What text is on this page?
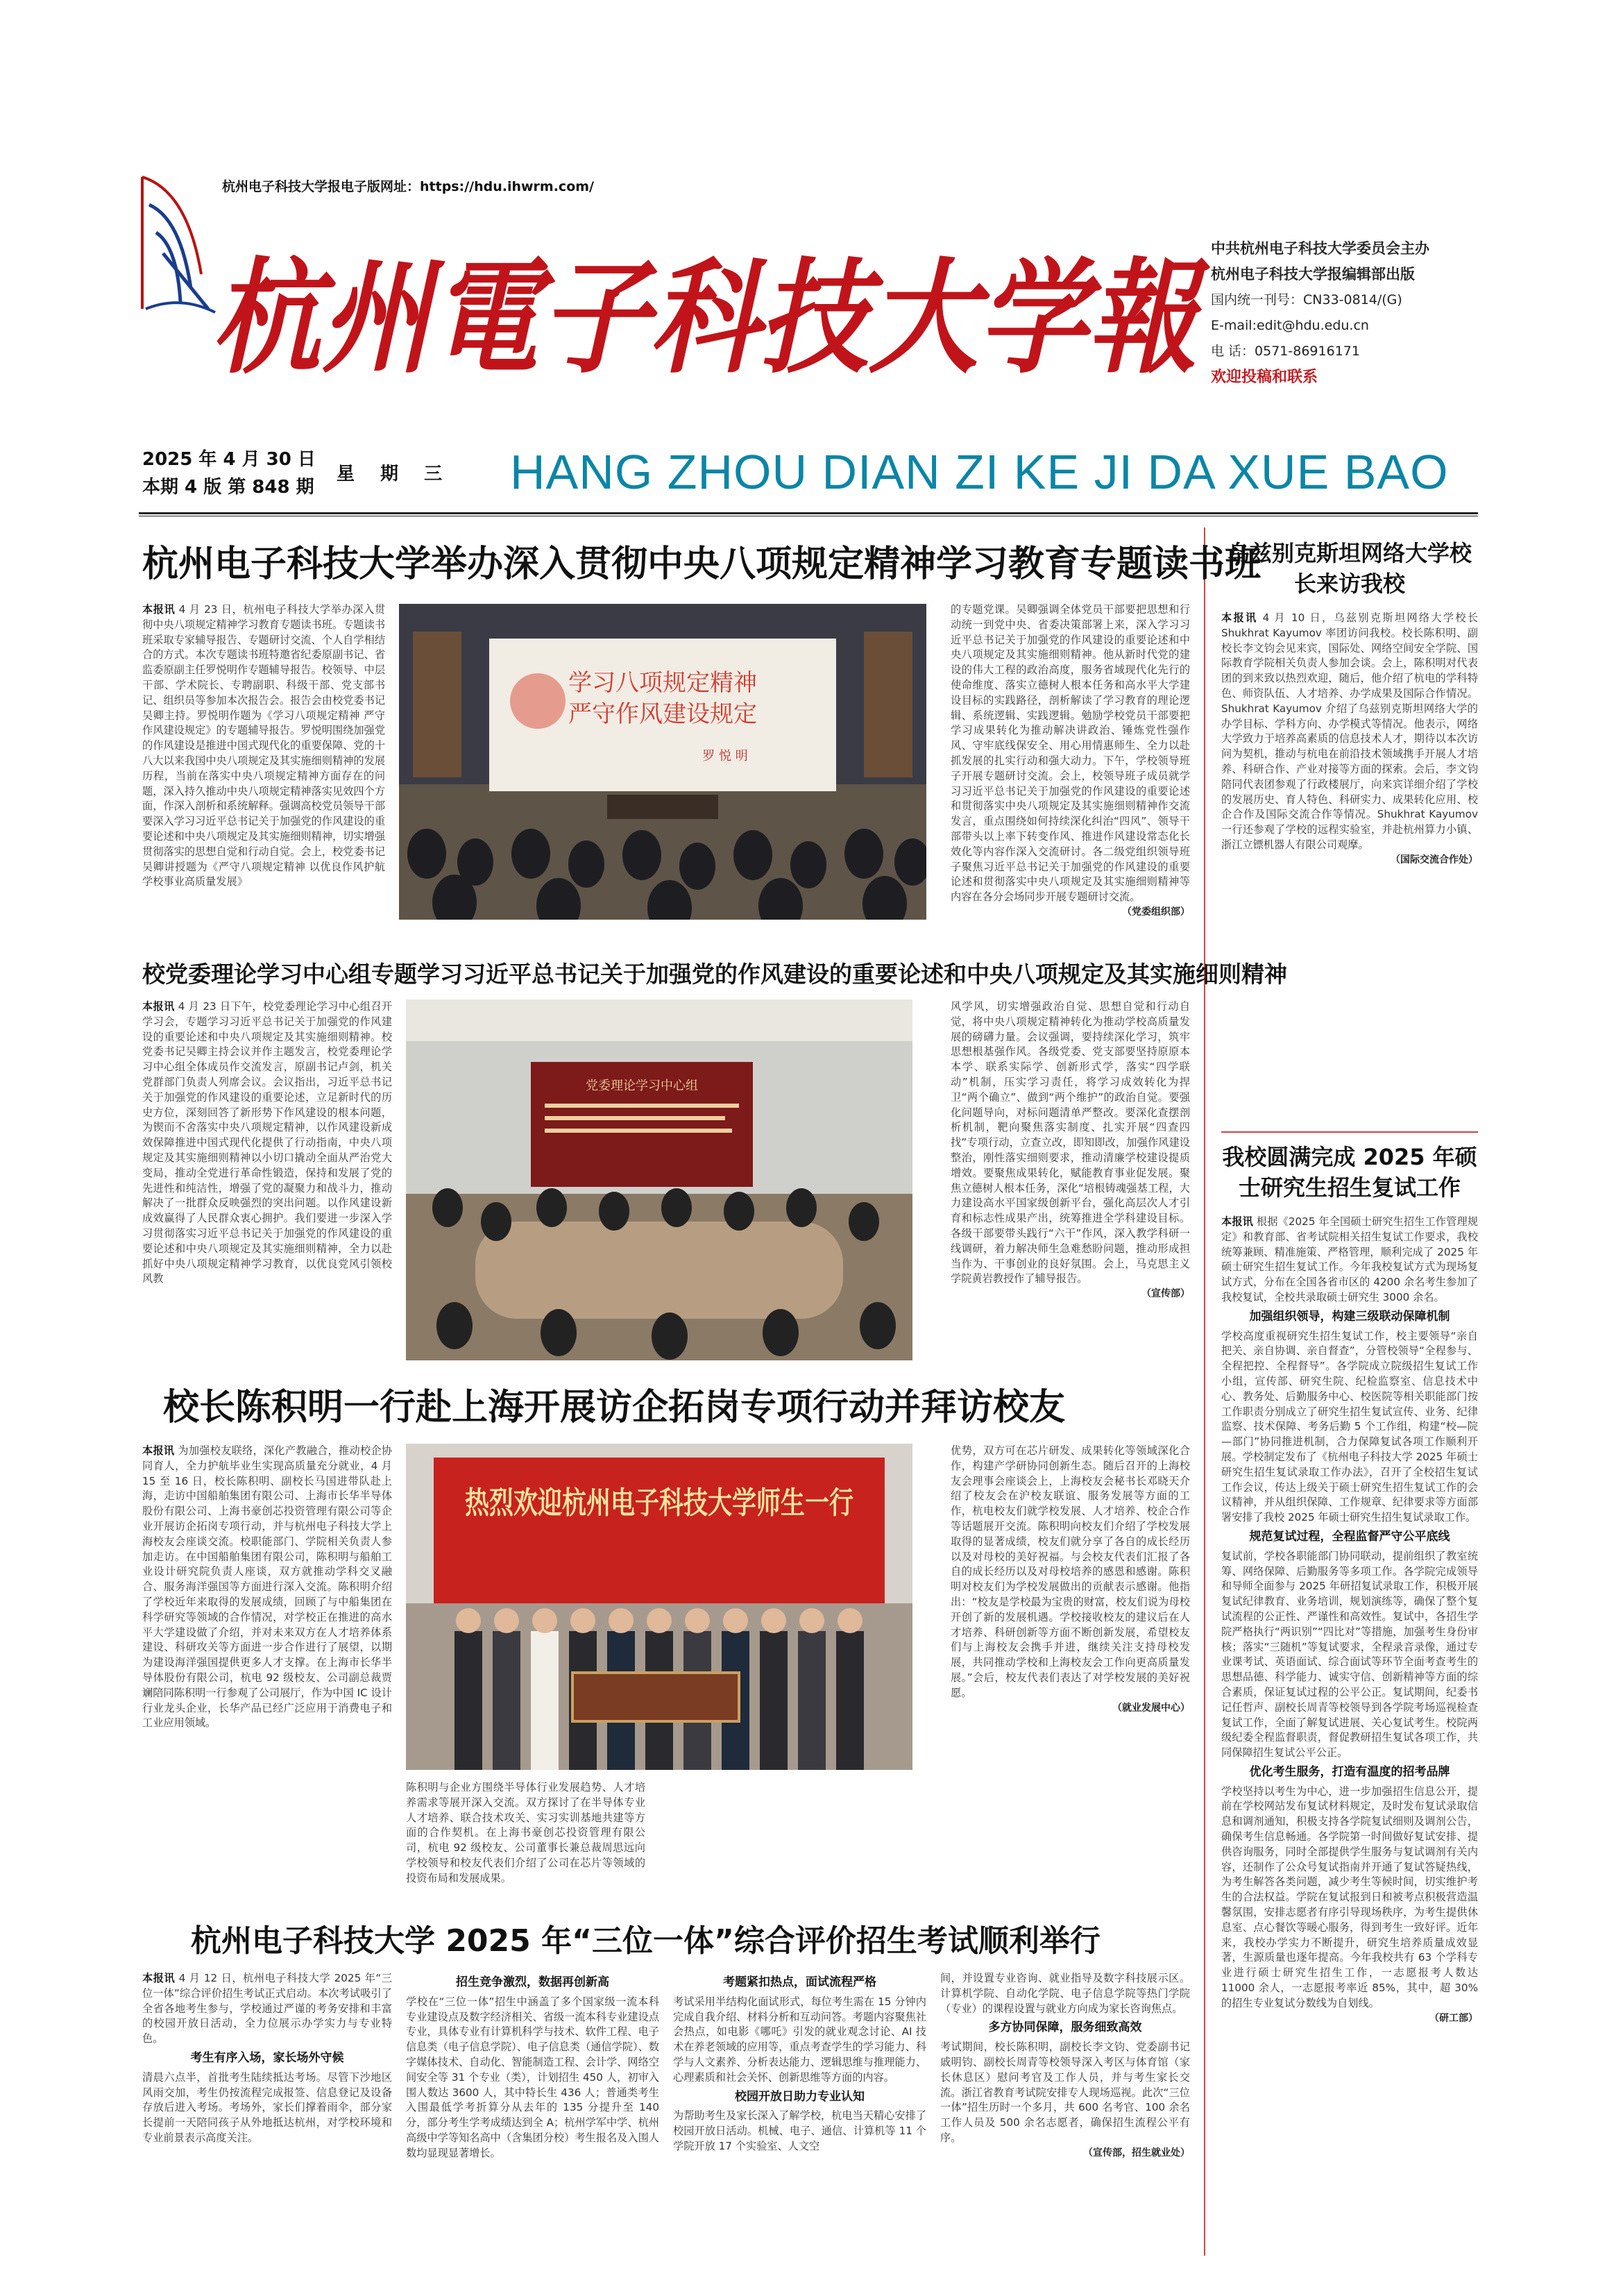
杭州电子科技大学报电子版网址：https://hdu.ihwrm.com/
杭州電子科技大学報 中共杭州电子科技大学委员会主办
杭州电子科技大学报编辑部出版
国内统一刊号：CN33-0814/(G)
E-mail:edit@hdu.edu.cn
电 话：0571-86916171
欢迎投稿和联系
2025 年 4 月 30 日
本期 4 版 第 848 期
星 期 三 HANG ZHOU DIAN ZI KE JI DA XUE BAO
杭州电子科技大学举办深入贯彻中央八项规定精神学习教育专题读书班
本报讯 4 月 23 日，杭州电子科技大学举办深入贯彻中央八项规定精神学习教育专题读书班。专题读书班采取专家辅导报告、专题研讨交流、个人自学相结合的方式。本次专题读书班特邀省纪委原副书记、省监委原副主任罗悦明作专题辅导报告。校领导、中层干部、学术院长、专聘副职、科级干部、党支部书记、组织员等参加本次报告会。报告会由校党委书记吴卿主持。罗悦明作题为《学习八项规定精神 严守作风建设规定》的专题辅导报告。罗悦明围绕加强党的作风建设是推进中国式现代化的重要保障、党的十八大以来我国中央八项规定及其实施细则精神的发展历程，当前在落实中央八项规定精神方面存在的问题，深入持久推动中央八项规定精神落实见效四个方面，作深入剖析和系统解释。强调高校党员领导干部要深入学习习近平总书记关于加强党的作风建设的重要论述和中央八项规定及其实施细则精神，切实增强贯彻落实的思想自觉和行动自觉。会上，校党委书记吴卿讲授题为《严守八项规定精神 以优良作风护航学校事业高质量发展》
学习八项规定精神
严守作风建设规定
罗 悦 明
的专题党课。吴卿强调全体党员干部要把思想和行动统一到党中央、省委决策部署上来，深入学习习近平总书记关于加强党的作风建设的重要论述和中央八项规定及其实施细则精神。他从新时代党的建设的伟大工程的政治高度，服务省域现代化先行的使命维度、落实立德树人根本任务和高水平大学建设目标的实践路径，剖析解读了学习教育的理论逻辑、系统逻辑、实践逻辑。勉励学校党员干部要把学习成果转化为推动解决讲政治、锤炼党性强作风、守牢底线保安全、用心用情惠师生、全力以赴抓发展的扎实行动和强大动力。下午，学校领导班子开展专题研讨交流。会上，校领导班子成员就学习习近平总书记关于加强党的作风建设的重要论述和贯彻落实中央八项规定及其实施细则精神作交流发言，重点围绕如何持续深化纠治“四风”、领导干部带头以上率下转变作风、推进作风建设常态化长效化等内容作深入交流研讨。各二级党组织领导班子聚焦习近平总书记关于加强党的作风建设的重要论述和贯彻落实中央八项规定及其实施细则精神等内容在各分会场同步开展专题研讨交流。
（党委组织部）
校党委理论学习中心组专题学习习近平总书记关于加强党的作风建设的重要论述和中央八项规定及其实施细则精神
本报讯 4 月 23 日下午，校党委理论学习中心组召开学习会，专题学习习近平总书记关于加强党的作风建设的重要论述和中央八项规定及其实施细则精神。校党委书记吴卿主持会议并作主题发言，校党委理论学习中心组全体成员作交流发言，原副书记卢剑，机关党群部门负责人列席会议。会议指出，习近平总书记关于加强党的作风建设的重要论述，立足新时代的历史方位，深刻回答了新形势下作风建设的根本问题，为锲而不舍落实中央八项规定精神，以作风建设新成效保障推进中国式现代化提供了行动指南，中央八项规定及其实施细则精神以小切口撬动全面从严治党大变局，推动全党进行革命性锻造，保持和发展了党的先进性和纯洁性，增强了党的凝聚力和战斗力，推动解决了一批群众反映强烈的突出问题。以作风建设新成效赢得了人民群众衷心拥护。我们要进一步深入学习贯彻落实习近平总书记关于加强党的作风建设的重要论述和中央八项规定及其实施细则精神，全力以赴抓好中央八项规定精神学习教育，以优良党风引领校风教
党委理论学习中心组
风学风，切实增强政治自觉、思想自觉和行动自觉，将中央八项规定精神转化为推动学校高质量发展的磅礴力量。会议强调，要持续深化学习，筑牢思想根基强作风。各级党委、党支部要坚持原原本本学、联系实际学、创新形式学，落实“四学联动”机制，压实学习责任，将学习成效转化为捍卫“两个确立”、做到“两个维护”的政治自觉。要强化问题导向，对标问题清单严整改。要深化查摆剖析机制，靶向聚焦落实制度、扎实开展“四查四找”专项行动，立查立改，即知即改，加强作风建设整治，刚性落实细则要求，推动清廉学校建设提质增效。要聚焦成果转化，赋能教育事业促发展。聚焦立德树人根本任务，深化“培根铸魂强基工程，大力建设高水平国家级创新平台，强化高层次人才引育和标志性成果产出，统筹推进全学科建设目标。各级干部要带头践行“六干”作风，深入教学科研一线调研，着力解决师生急难愁盼问题，推动形成担当作为、干事创业的良好氛围。会上，马克思主义学院黄岩教授作了辅导报告。
（宣传部）
校长陈积明一行赴上海开展访企拓岗专项行动并拜访校友
本报讯 为加强校友联络，深化产教融合，推动校企协同育人，全力护航毕业生实现高质量充分就业，4 月 15 至 16 日，校长陈积明、副校长马国进带队赴上海，走访中国船舶集团有限公司、上海市长华半导体股份有限公司、上海书豪创芯投资管理有限公司等企业开展访企拓岗专项行动，并与杭州电子科技大学上海校友会座谈交流。校职能部门、学院相关负责人参加走访。在中国船舶集团有限公司，陈积明与船舶工业设计研究院负责人座谈，双方就推动学科交叉融合、服务海洋强国等方面进行深入交流。陈积明介绍了学校近年来取得的发展成绩，回顾了与中船集团在科学研究等领域的合作情况，对学校正在推进的高水平大学建设做了介绍，并对未来双方在人才培养体系建设、科研攻关等方面进一步合作进行了展望，以期为建设海洋强国提供更多人才支撑。在上海市长华半导体股份有限公司，杭电 92 级校友、公司副总裁贾斓陪同陈积明一行参观了公司展厅，作为中国 IC 设计行业龙头企业，长华产品已经广泛应用于消费电子和工业应用领域。
热烈欢迎杭州电子科技大学师生一行
陈积明与企业方围绕半导体行业发展趋势、人才培养需求等展开深入交流。双方探讨了在半导体专业人才培养、联合技术攻关、实习实训基地共建等方面的合作契机。在上海书豪创芯投资管理有限公司，杭电 92 级校友、公司董事长兼总裁周思远向学校领导和校友代表们介绍了公司在芯片等领域的投资布局和发展成果。
优势，双方可在芯片研发、成果转化等领域深化合作，构建产学研协同创新生态。随后召开的上海校友会理事会座谈会上，上海校友会秘书长邓晓天介绍了校友会在沪校友联谊、服务发展等方面的工作，杭电校友们就学校发展、人才培养、校企合作等话题展开交流。陈积明向校友们介绍了学校发展取得的显著成绩，校友们就分享了各自的成长经历以及对母校的美好祝福。与会校友代表们汇报了各自的成长经历以及对母校培养的感恩和感谢。陈积明对校友们为学校发展做出的贡献表示感谢。他指出：“校友是学校最为宝贵的财富，校友们说为母校开创了新的发展机遇。学校接收校友的建议后在人才培养、科研创新等方面不断创新发展，希望校友们与上海校友会携手并进，继续关注支持母校发展，共同推动学校和上海校友会工作向更高质量发展。”会后，校友代表们表达了对学校发展的美好祝愿。
（就业发展中心）
杭州电子科技大学 2025 年“三位一体”综合评价招生考试顺利举行
本报讯 4 月 12 日，杭州电子科技大学 2025 年“三位一体”综合评价招生考试正式启动。本次考试吸引了全省各地考生参与，学校通过严谨的考务安排和丰富的校园开放日活动，全力位展示办学实力与专业特色。
考生有序入场，家长场外守候
清晨六点半，首批考生陆续抵达考场。尽管下沙地区风雨交加，考生仍按流程完成报签、信息登记及设备存放后进入考场。考场外，家长们撑着雨伞，部分家长提前一天陪同孩子从外地抵达杭州，对学校环境和专业前景表示高度关注。
招生竞争激烈，数据再创新高
学校在“三位一体”招生中涵盖了多个国家级一流本科专业建设点及数字经济相关、省级一流本科专业建设点专业，具体专业有计算机科学与技术、软件工程、电子信息类（电子信息学院）、电子信息类（通信学院）、数字媒体技术、自动化、智能制造工程、会计学、网络空间安全等 31 个专业（类），计划招生 450 人，初审入围人数达 3600 人，其中特长生 436 人；普通类考生入围最低学考折算分从去年的 135 分提升至 140 分，部分考生学考成绩达到全 A；杭州学军中学、杭州高级中学等知名高中（含集团分校）考生报名及入围人数均显现显著增长。
考题紧扣热点，面试流程严格
考试采用半结构化面试形式，每位考生需在 15 分钟内完成自我介绍、材料分析和互动问答。考题内容聚焦社会热点，如电影《哪吒》引发的就业观念讨论、AI 技术在养老领域的应用等，重点考查学生的学习能力、科学与人文素养、分析表达能力、逻辑思维与推理能力、心理素质和社会关怀、创新思维等方面的内容。
校园开放日助力专业认知
为帮助考生及家长深入了解学校，杭电当天精心安排了校园开放日活动。机械、电子、通信、计算机等 11 个学院开放 17 个实验室、人文空
间，并设置专业咨询、就业指导及数字科技展示区。计算机学院、自动化学院、电子信息学院等热门学院（专业）的课程设置与就业方向成为家长咨询焦点。
多方协同保障，服务细致高效
考试期间，校长陈积明，副校长李文钧、党委副书记戚明钧、副校长周青等校领导深入考区与体育馆（家长休息区）慰问考官及工作人员，并与考生家长交流。浙江省教育考试院安排专人现场巡视。此次“三位一体”招生历时一个多月，共 600 名考官、100 余名工作人员及 500 余名志愿者，确保招生流程公平有序。
（宣传部，招生就业处）
乌兹别克斯坦网络大学校长来访我校
本报讯 4 月 10 日，乌兹别克斯坦网络大学校长 Shukhrat Kayumov 率团访问我校。校长陈积明、副校长李文钧会见来宾，国际处、网络空间安全学院、国际教育学院相关负责人参加会谈。会上，陈积明对代表团的到来致以热烈欢迎，随后，他介绍了杭电的学科特色、师资队伍、人才培养、办学成果及国际合作情况。Shukhrat Kayumov 介绍了乌兹别克斯坦网络大学的办学目标、学科方向、办学模式等情况。他表示，网络大学致力于培养高素质的信息技术人才，期待以本次访问为契机，推动与杭电在前沿技术领域携手开展人才培养、科研合作、产业对接等方面的探索。会后，李文钧陪同代表团参观了行政楼展厅，向来宾详细介绍了学校的发展历史、育人特色、科研实力、成果转化应用、校企合作及国际交流合作等情况。Shukhrat Kayumov 一行还参观了学校的远程实验室，并赴杭州算力小镇、浙江立镖机器人有限公司观摩。
（国际交流合作处）
我校圆满完成 2025 年硕士研究生招生复试工作
本报讯 根据《2025 年全国硕士研究生招生工作管理规定》和教育部、省考试院相关招生复试工作要求，我校统筹兼顾、精准施策、严格管理，顺利完成了 2025 年硕士研究生招生复试工作。今年我校复试方式为现场复试方式，分布在全国各省市区的 4200 余名考生参加了我校复试，全校共录取硕士研究生 3000 余名。
加强组织领导，构建三级联动保障机制
学校高度重视研究生招生复试工作，校主要领导“亲自把关、亲自协调、亲自督查”，分管校领导“全程参与、全程把控、全程督导”。各学院成立院级招生复试工作小组，宣传部、研究生院、纪检监察室、信息技术中心、教务处、后勤服务中心、校医院等相关职能部门按工作职责分别成立了研究生招生复试宣传、业务、纪律监察、技术保障、考务后勤 5 个工作组，构建“校—院—部门”协同推进机制，合力保障复试各项工作顺利开展。学校制定发布了《杭州电子科技大学 2025 年硕士研究生招生复试录取工作办法》，召开了全校招生复试工作会议，传达上级关于硕士研究生招生复试工作的会议精神，并从组织保障、工作规章、纪律要求等方面部署安排了我校 2025 年硕士研究生招生复试录取工作。
规范复试过程，全程监督严守公平底线
复试前，学校各职能部门协同联动，提前组织了教室统筹、网络保障、后勤服务等多项工作。各学院完成领导和导师全面参与 2025 年研招复试录取工作，积极开展复试纪律教育、业务培训，规划演练等，确保了整个复试流程的公正性、严谨性和高效性。复试中，各招生学院严格执行“两识别”“四比对”等措施，加强考生身份审核；落实“三随机”等复试要求，全程录音录像，通过专业课考试、英语面试、综合面试等环节全面考查考生的思想品德、科学能力、诚实守信、创新精神等方面的综合素质，保证复试过程的公平公正。复试期间，纪委书记任哲声、副校长周青等校领导到各学院考场巡视检查复试工作，全面了解复试进展、关心复试考生。校院两级纪委全程监督职责，督促教研招生复试各项工作，共同保障招生复试公平公正。
优化考生服务，打造有温度的招考品牌
学校坚持以考生为中心，进一步加强招生信息公开，提前在学校网站发布复试材料规定，及时发布复试录取信息和调剂通知，积极支持各学院复试细则及调剂公告，确保考生信息畅通。各学院第一时间做好复试安排、提供咨询服务，同时全部提供学生服务与复试调剂有关内容，还制作了公众号复试指南并开通了复试答疑热线，为考生解答各类问题，减少考生等候时间，切实维护考生的合法权益。学院在复试报到日和被考点积极营造温馨氛围，安排志愿者有序引导现场秩序，为考生提供休息室、点心餐饮等暖心服务，得到考生一致好评。近年来，我校办学实力不断提升，研究生培养质量成效显著，生源质量也逐年提高。今年我校共有 63 个学科专业进行硕士研究生招生工作，一志愿报考人数达 11000 余人，一志愿报考率近 85%，其中，超 30%的招生专业复试分数线为自划线。
（研工部）
